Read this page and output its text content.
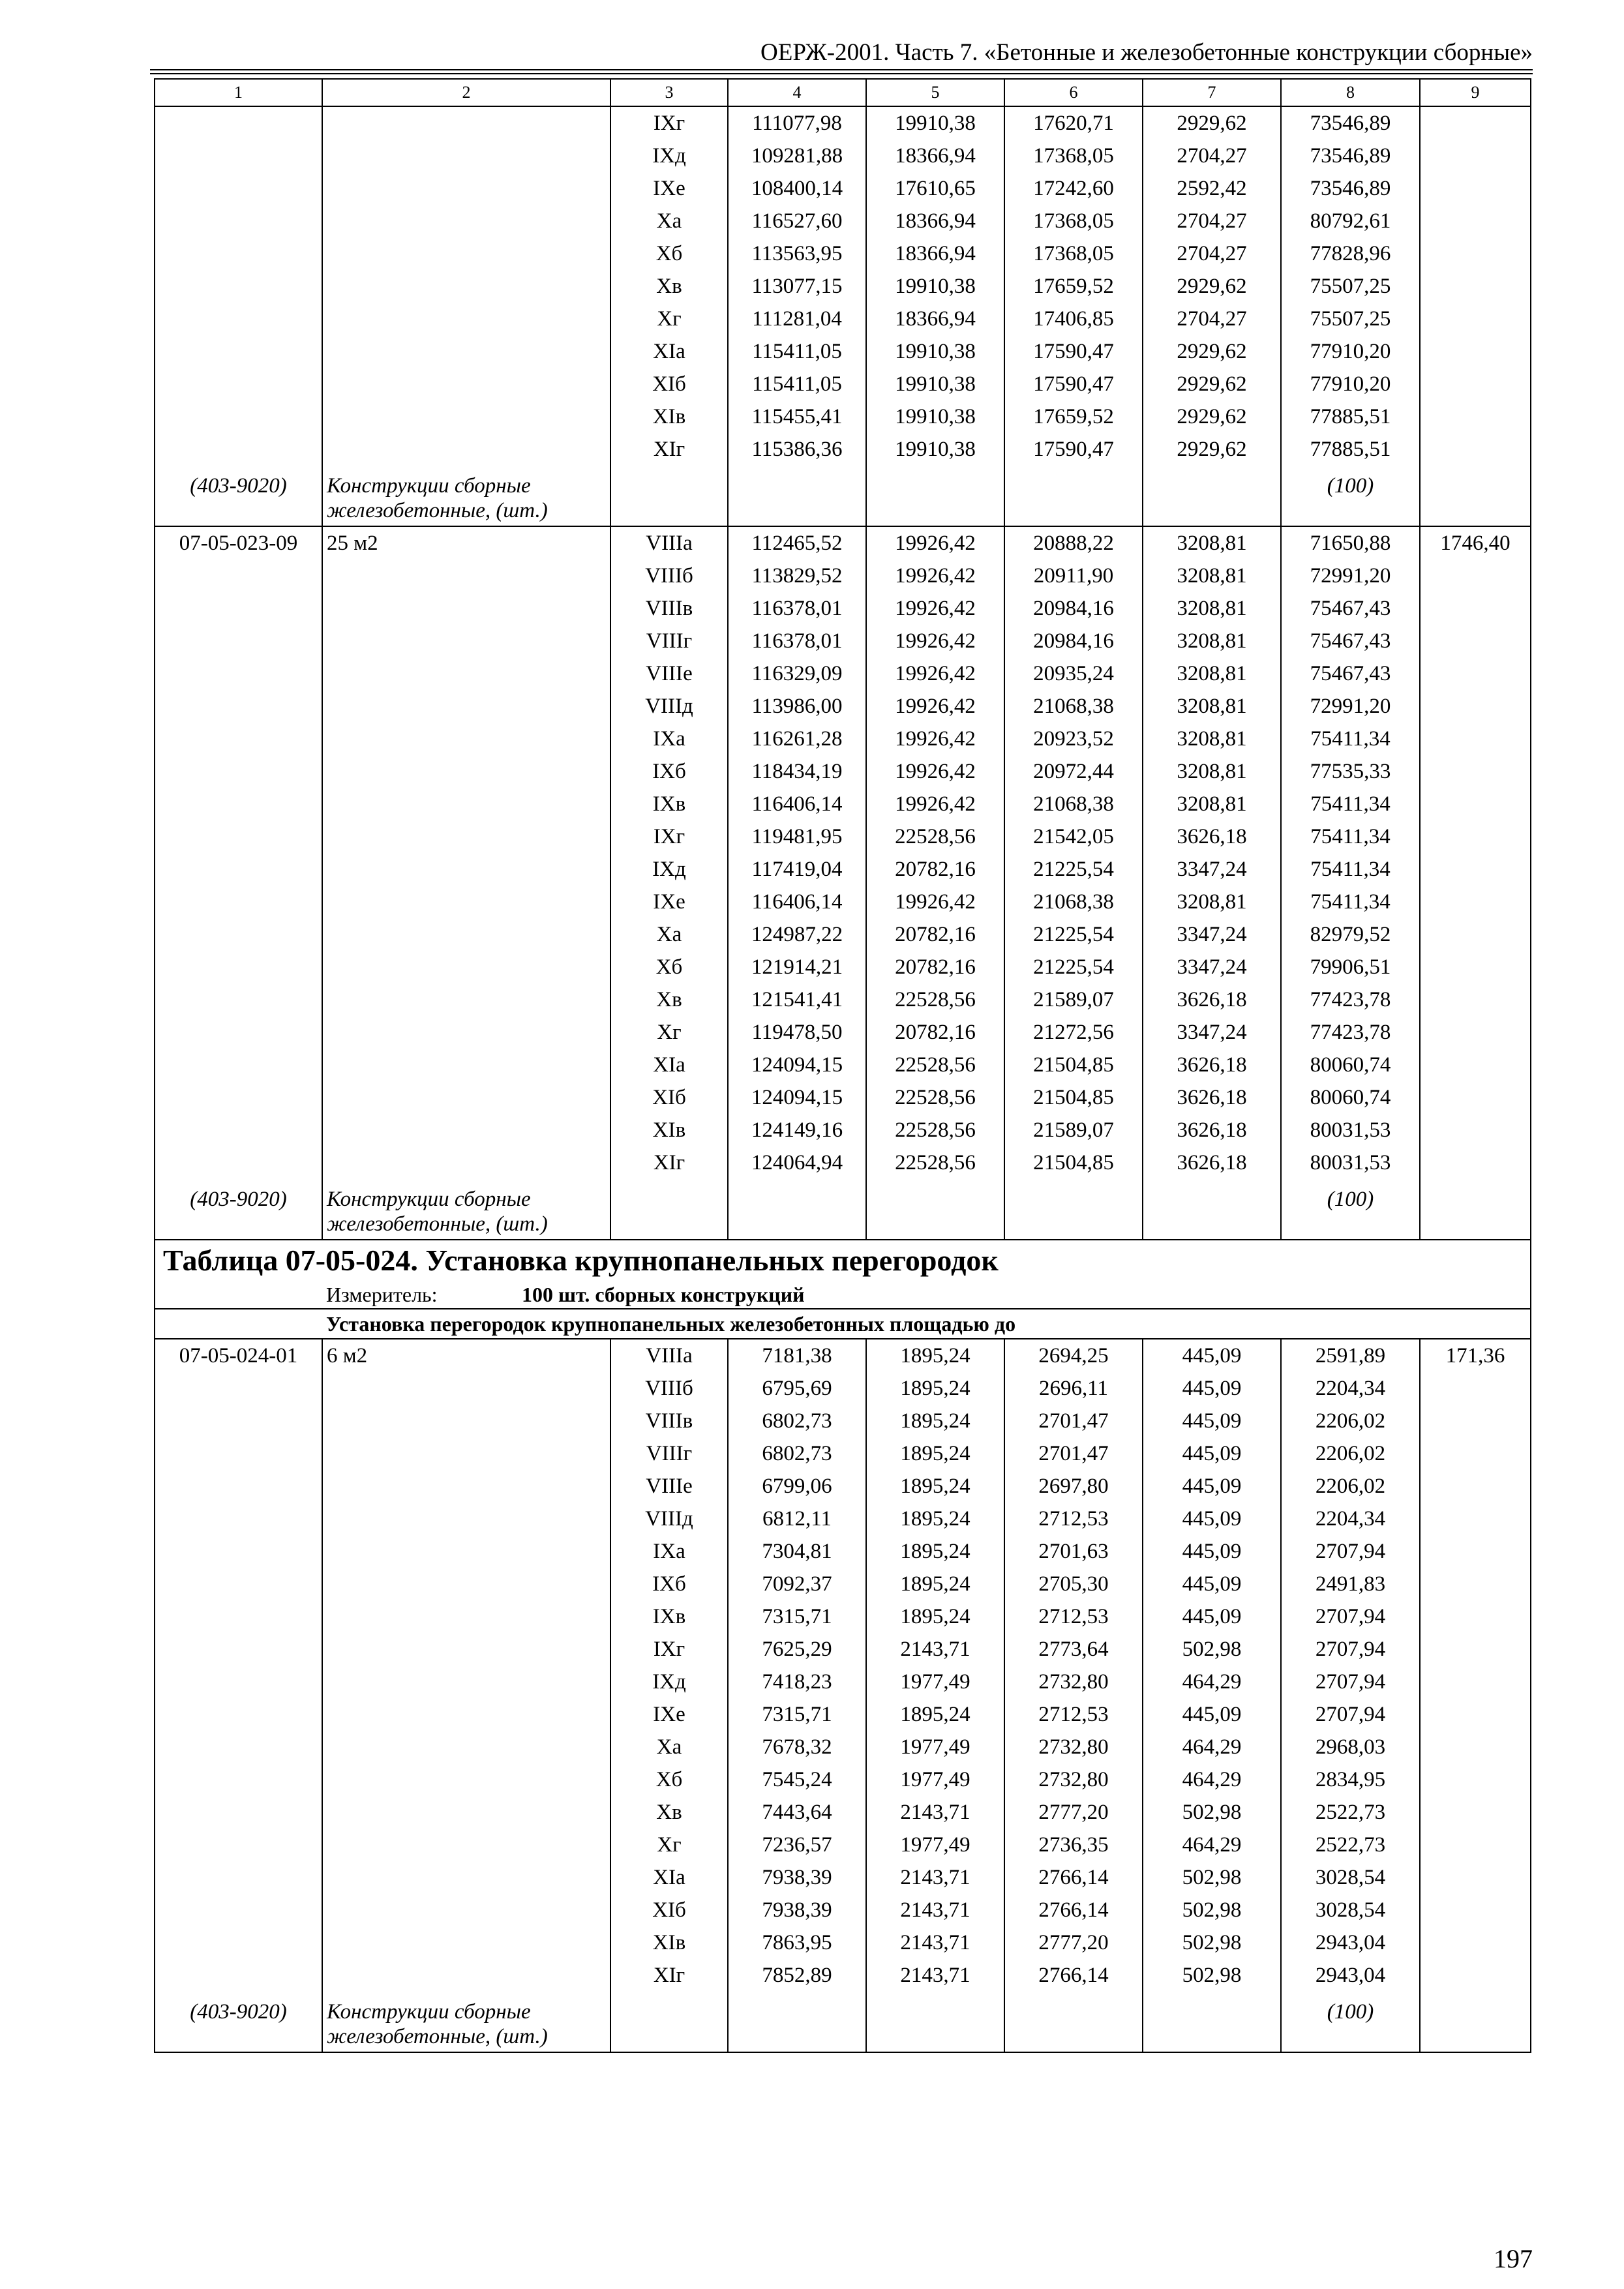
ОЕРЖ-2001. Часть 7. «Бетонные и железобетонные конструкции сборные»
1	2	3	4	5	6	7	8	9
		IXг	111077,98	19910,38	17620,71	2929,62	73546,89	
		IXд	109281,88	18366,94	17368,05	2704,27	73546,89	
		IXе	108400,14	17610,65	17242,60	2592,42	73546,89	
		Xа	116527,60	18366,94	17368,05	2704,27	80792,61	
		Xб	113563,95	18366,94	17368,05	2704,27	77828,96	
		Xв	113077,15	19910,38	17659,52	2929,62	75507,25	
		Xг	111281,04	18366,94	17406,85	2704,27	75507,25	
		XIа	115411,05	19910,38	17590,47	2929,62	77910,20	
		XIб	115411,05	19910,38	17590,47	2929,62	77910,20	
		XIв	115455,41	19910,38	17659,52	2929,62	77885,51	
		XIг	115386,36	19910,38	17590,47	2929,62	77885,51	
(403-9020)	Конструкции сборные						(100)	
	железобетонные, (шт.)							
07-05-023-09	25 м2	VIIIа	112465,52	19926,42	20888,22	3208,81	71650,88	1746,40
		VIIIб	113829,52	19926,42	20911,90	3208,81	72991,20	
		VIIIв	116378,01	19926,42	20984,16	3208,81	75467,43	
		VIIIг	116378,01	19926,42	20984,16	3208,81	75467,43	
		VIIIе	116329,09	19926,42	20935,24	3208,81	75467,43	
		VIIIд	113986,00	19926,42	21068,38	3208,81	72991,20	
		IXа	116261,28	19926,42	20923,52	3208,81	75411,34	
		IXб	118434,19	19926,42	20972,44	3208,81	77535,33	
		IXв	116406,14	19926,42	21068,38	3208,81	75411,34	
		IXг	119481,95	22528,56	21542,05	3626,18	75411,34	
		IXд	117419,04	20782,16	21225,54	3347,24	75411,34	
		IXе	116406,14	19926,42	21068,38	3208,81	75411,34	
		Xа	124987,22	20782,16	21225,54	3347,24	82979,52	
		Xб	121914,21	20782,16	21225,54	3347,24	79906,51	
		Xв	121541,41	22528,56	21589,07	3626,18	77423,78	
		Xг	119478,50	20782,16	21272,56	3347,24	77423,78	
		XIа	124094,15	22528,56	21504,85	3626,18	80060,74	
		XIб	124094,15	22528,56	21504,85	3626,18	80060,74	
		XIв	124149,16	22528,56	21589,07	3626,18	80031,53	
		XIг	124064,94	22528,56	21504,85	3626,18	80031,53	
(403-9020)	Конструкции сборные						(100)	
	железобетонные, (шт.)							
Таблица 07-05-024. Установка крупнопанельных перегородок								
	Измеритель: 100 шт. сборных конструкций							
	Установка перегородок крупнопанельных железобетонных площадью до							
07-05-024-01	6 м2	VIIIа	7181,38	1895,24	2694,25	445,09	2591,89	171,36
		VIIIб	6795,69	1895,24	2696,11	445,09	2204,34	
		VIIIв	6802,73	1895,24	2701,47	445,09	2206,02	
		VIIIг	6802,73	1895,24	2701,47	445,09	2206,02	
		VIIIе	6799,06	1895,24	2697,80	445,09	2206,02	
		VIIIд	6812,11	1895,24	2712,53	445,09	2204,34	
		IXа	7304,81	1895,24	2701,63	445,09	2707,94	
		IXб	7092,37	1895,24	2705,30	445,09	2491,83	
		IXв	7315,71	1895,24	2712,53	445,09	2707,94	
		IXг	7625,29	2143,71	2773,64	502,98	2707,94	
		IXд	7418,23	1977,49	2732,80	464,29	2707,94	
		IXе	7315,71	1895,24	2712,53	445,09	2707,94	
		Xа	7678,32	1977,49	2732,80	464,29	2968,03	
		Xб	7545,24	1977,49	2732,80	464,29	2834,95	
		Xв	7443,64	2143,71	2777,20	502,98	2522,73	
		Xг	7236,57	1977,49	2736,35	464,29	2522,73	
		XIа	7938,39	2143,71	2766,14	502,98	3028,54	
		XIб	7938,39	2143,71	2766,14	502,98	3028,54	
		XIв	7863,95	2143,71	2777,20	502,98	2943,04	
		XIг	7852,89	2143,71	2766,14	502,98	2943,04	
(403-9020)	Конструкции сборные						(100)	
	железобетонные, (шт.)							
197
